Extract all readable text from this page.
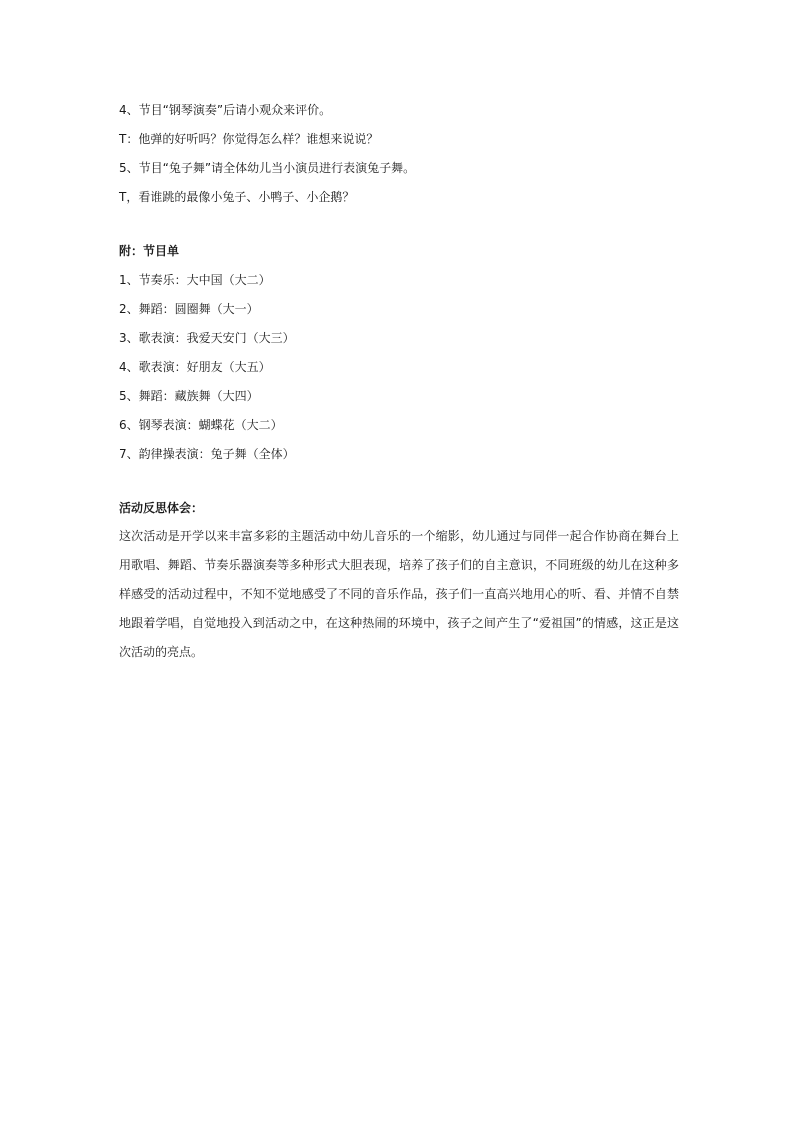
4、节目“钢琴演奏”后请小观众来评价。
T：他弹的好听吗？你觉得怎么样？谁想来说说？
5、节目“兔子舞”请全体幼儿当小演员进行表演兔子舞。
T，看谁跳的最像小兔子、小鸭子、小企鹅？
附：节目单
1、节奏乐：大中国（大二）
2、舞蹈：圆圈舞（大一）
3、歌表演：我爱天安门（大三）
4、歌表演：好朋友（大五）
5、舞蹈：藏族舞（大四）
6、钢琴表演：蝴蝶花（大二）
7、韵律操表演：兔子舞（全体）
活动反思体会：
这次活动是开学以来丰富多彩的主题活动中幼儿音乐的一个缩影，幼儿通过与同伴一起合作协商在舞台上用歌唱、舞蹈、节奏乐器演奏等多种形式大胆表现，培养了孩子们的自主意识，不同班级的幼儿在这种多样感受的活动过程中，不知不觉地感受了不同的音乐作品，孩子们一直高兴地用心的听、看、并情不自禁地跟着学唱，自觉地投入到活动之中，在这种热闹的环境中，孩子之间产生了“爱祖国”的情感，这正是这次活动的亮点。
